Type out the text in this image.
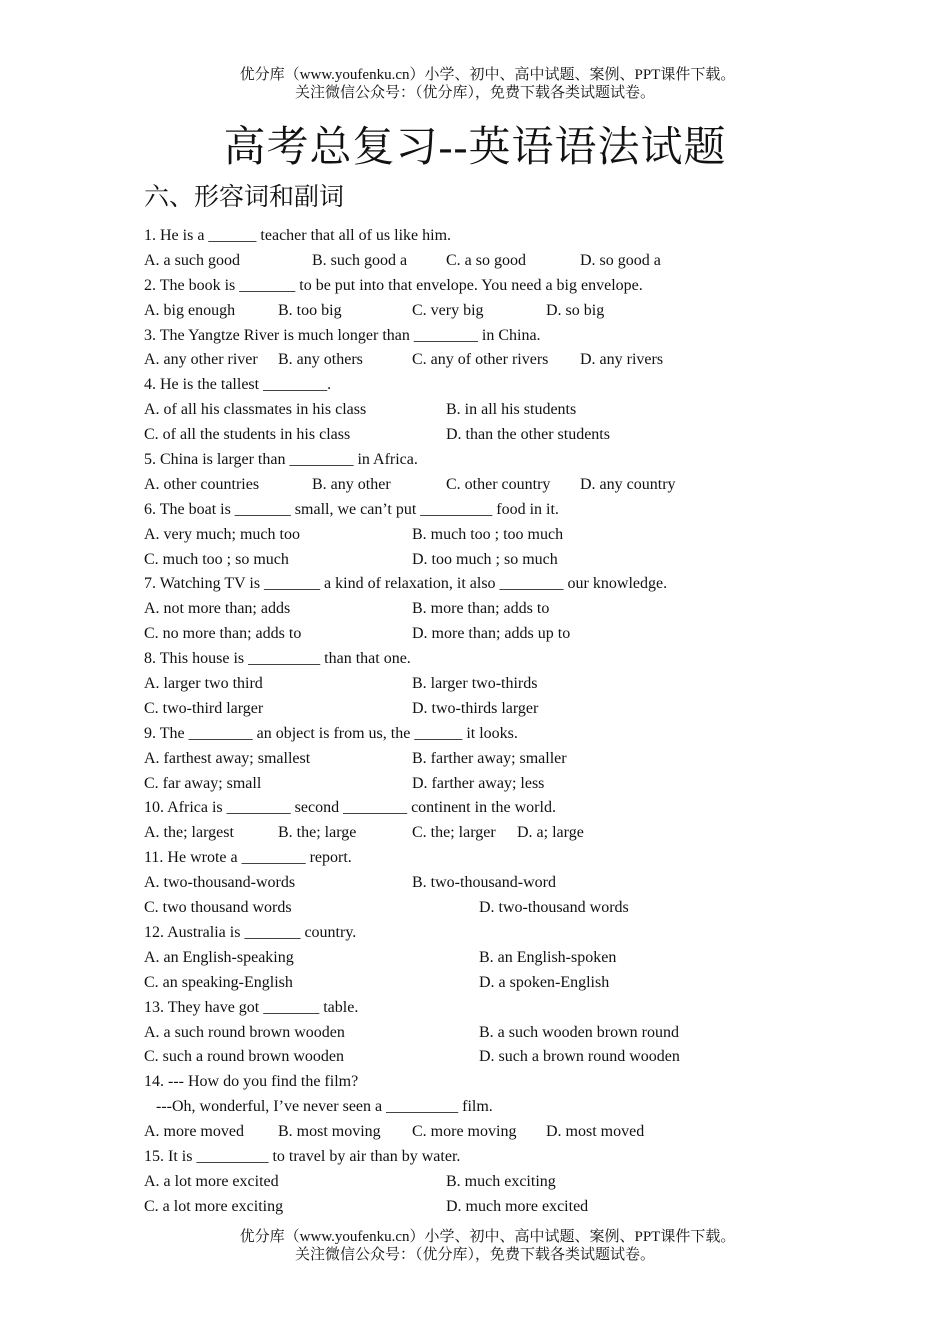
优分库（www.youfenku.cn）小学、初中、高中试题、案例、PPT课件下载。
关注微信公众号：（优分库），免费下载各类试题试卷。
高考总复习--英语语法试题
六、形容词和副词
1. He is a ______ teacher that all of us like him.
A. a such good	B. such good a C. a so good	D. so good a
2. The book is _______ to be put into that envelope. You need a big envelope.
A. big enough	B. too big	C. very big	D. so big
3. The Yangtze River is much longer than ________ in China.
A. any other river B. any others	C. any of other rivers D. any rivers
4. He is the tallest ________.
A. of all his classmates in his class	B. in all his students
C. of all the students in his class	D. than the other students
5. China is larger than ________ in Africa.
A. other countries	B. any other	C. other country D. any country
6. The boat is _______ small, we can’t put _________ food in it.
A. very much; much too	B. much too ; too much
C. much too ; so much	D. too much ; so much
7. Watching TV is _______ a kind of relaxation, it also ________ our knowledge.
A. not more than; adds	B. more than; adds to
C. no more than; adds to	D. more than; adds up to
8. This house is _________ than that one.
A. larger two third	B. larger two-thirds
C. two-third larger	D. two-thirds larger
9. The ________ an object is from us, the ______ it looks.
A. farthest away; smallest	B. farther away; smaller
C. far away; small	D. farther away; less
10. Africa is ________ second ________ continent in the world.
A. the; largest	B. the; large	C. the; larger D. a; large
11. He wrote a ________ report.
A. two-thousand-words	B. two-thousand-word
C. two thousand words	D. two-thousand words
12. Australia is _______ country.
A. an English-speaking	B. an English-spoken
C. an speaking-English	D. a spoken-English
13. They have got _______ table.
A. a such round brown wooden	B. a such wooden brown round
C. such a round brown wooden	D. such a brown round wooden
14. --- How do you find the film?
---Oh, wonderful, I’ve never seen a _________ film.
A. more moved B. most moving C. more moving D. most moved
15. It is _________ to travel by air than by water.
A. a lot more excited	B. much exciting
C. a lot more exciting	D. much more excited
优分库（www.youfenku.cn）小学、初中、高中试题、案例、PPT课件下载。
关注微信公众号：（优分库），免费下载各类试题试卷。
